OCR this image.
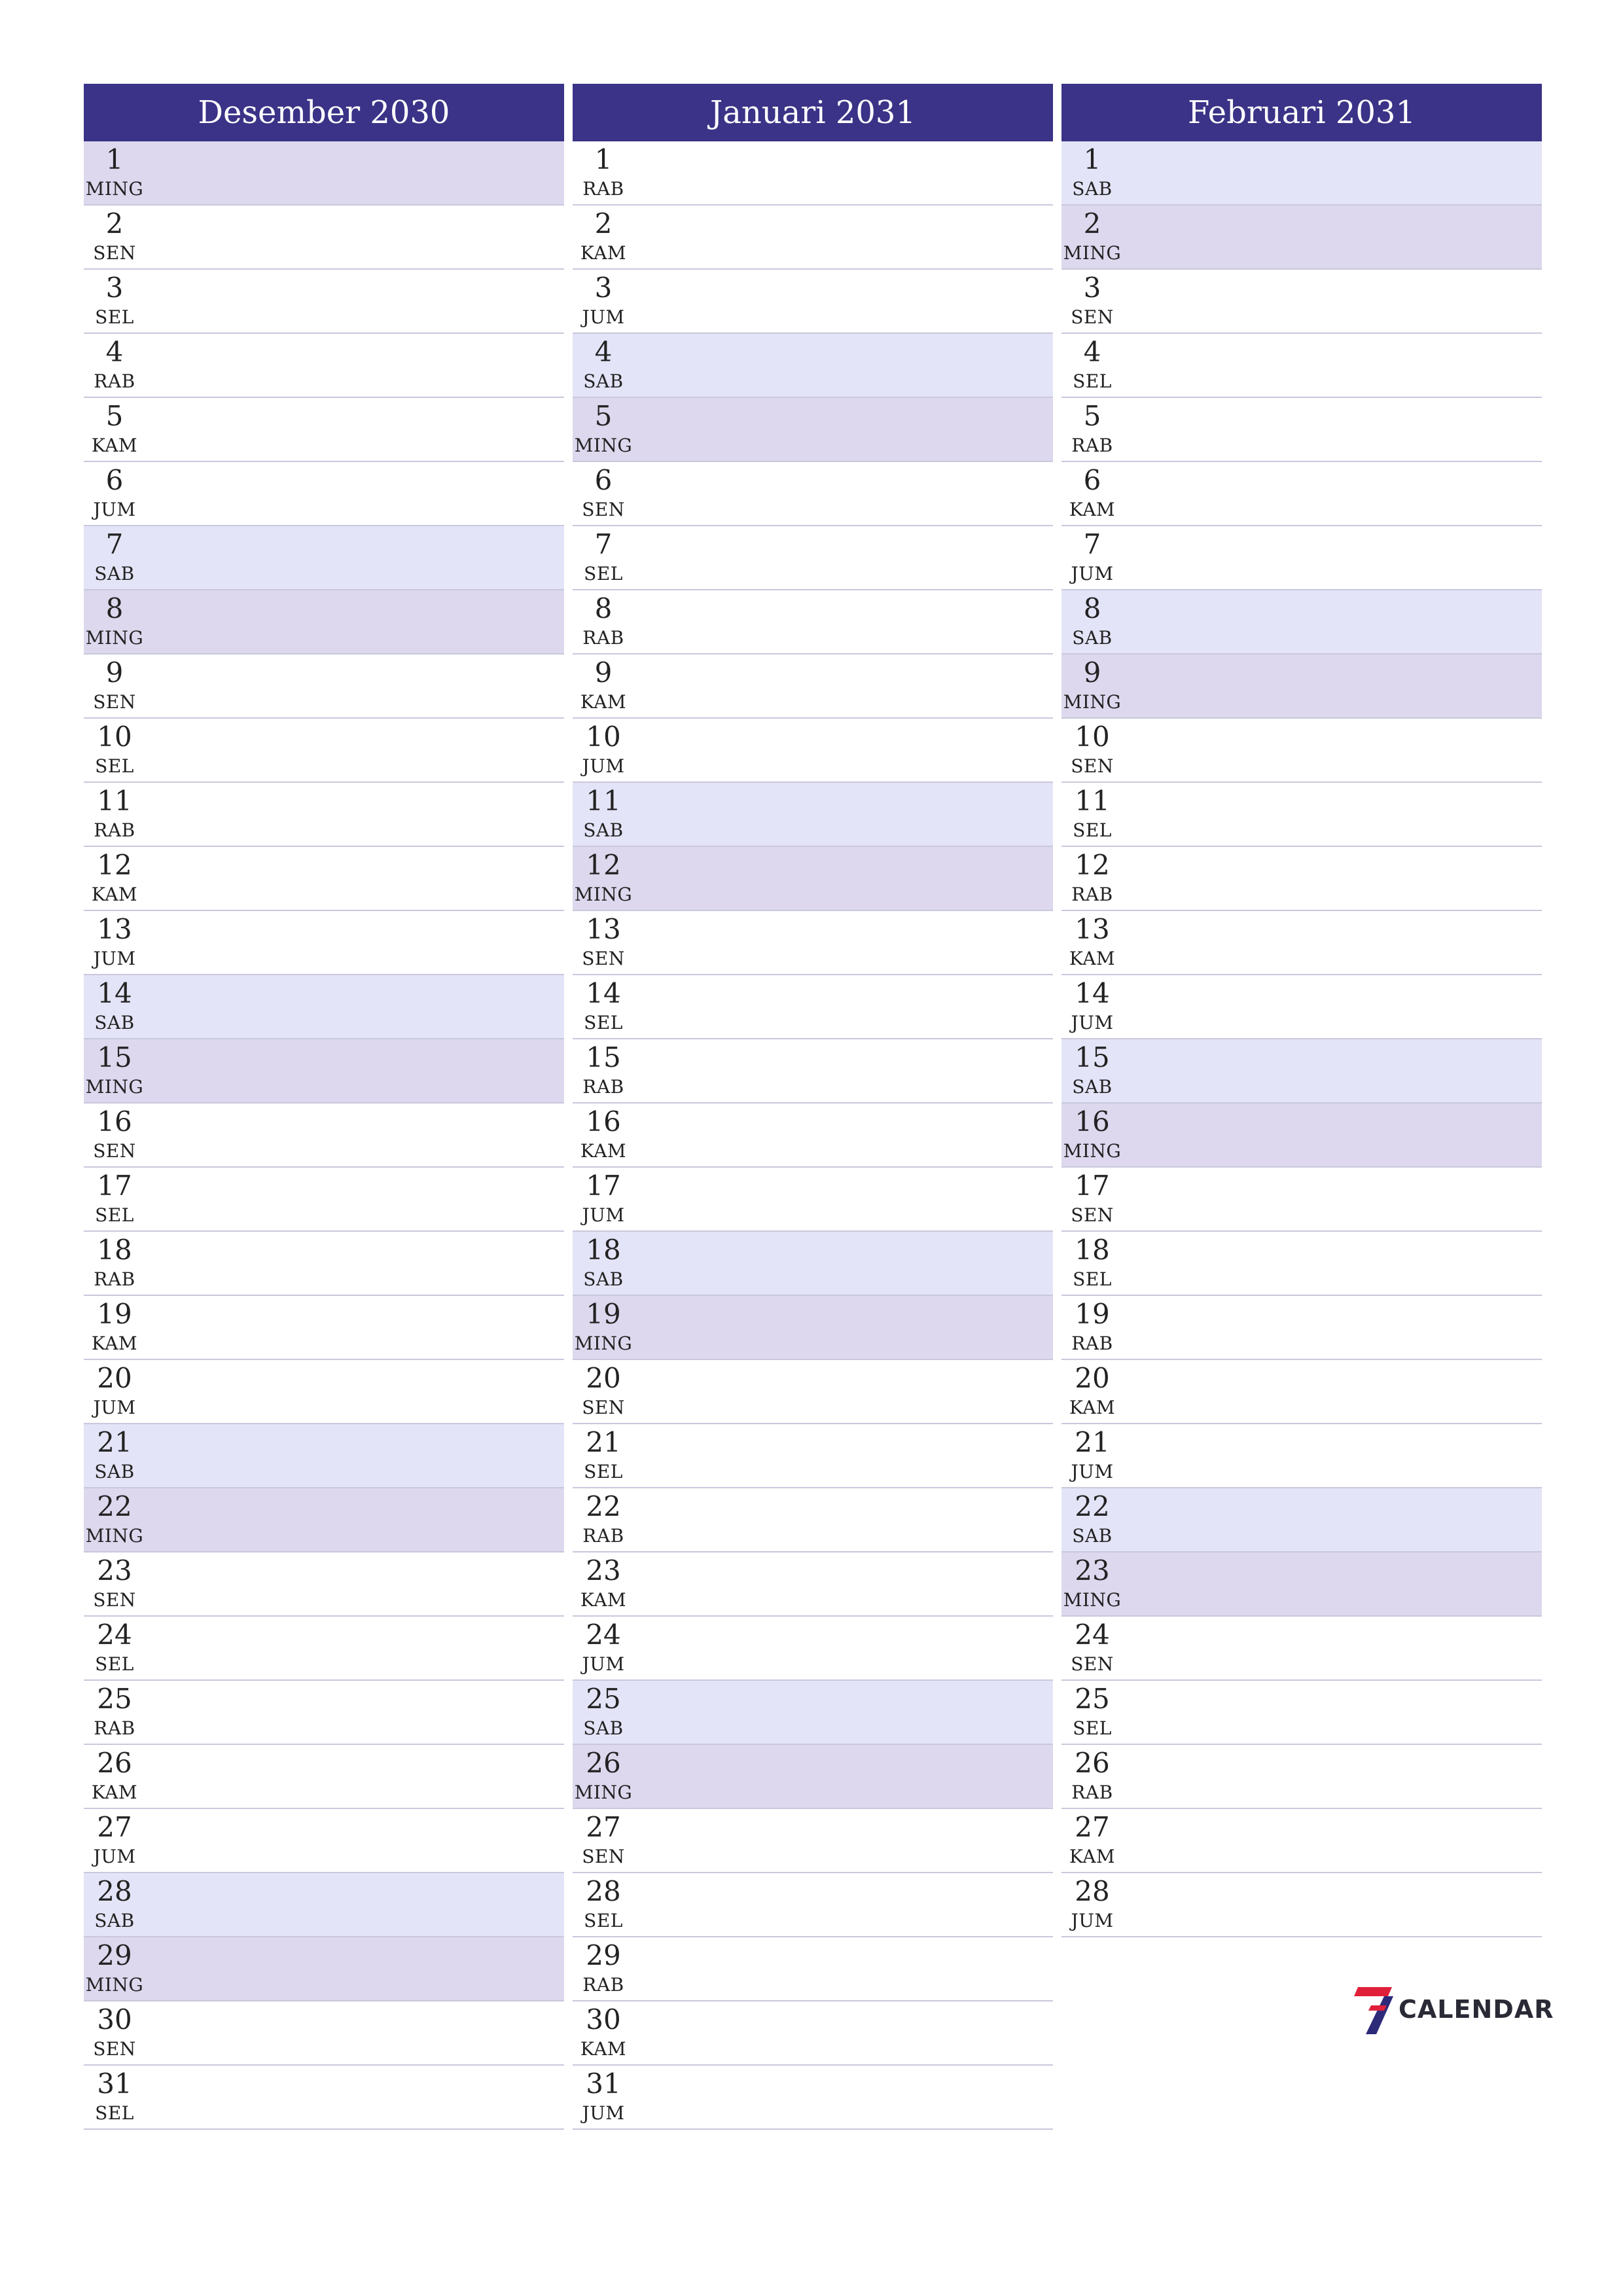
Desember 2030
1
MING
2
SEN
3
SEL
4
RAB
5
KAM
6
JUM
7
SAB
8
MING
9
SEN
10
SEL
11
RAB
12
KAM
13
JUM
14
SAB
15
MING
16
SEN
17
SEL
18
RAB
19
KAM
20
JUM
21
SAB
22
MING
23
SEN
24
SEL
25
RAB
26
KAM
27
JUM
28
SAB
29
MING
30
SEN
31
SEL
Januari 2031
1
RAB
2
KAM
3
JUM
4
SAB
5
MING
6
SEN
7
SEL
8
RAB
9
KAM
10
JUM
11
SAB
12
MING
13
SEN
14
SEL
15
RAB
16
KAM
17
JUM
18
SAB
19
MING
20
SEN
21
SEL
22
RAB
23
KAM
24
JUM
25
SAB
26
MING
27
SEN
28
SEL
29
RAB
30
KAM
31
JUM
Februari 2031
1
SAB
2
MING
3
SEN
4
SEL
5
RAB
6
KAM
7
JUM
8
SAB
9
MING
10
SEN
11
SEL
12
RAB
13
KAM
14
JUM
15
SAB
16
MING
17
SEN
18
SEL
19
RAB
20
KAM
21
JUM
22
SAB
23
MING
24
SEN
25
SEL
26
RAB
27
KAM
28
JUM
CALENDAR
